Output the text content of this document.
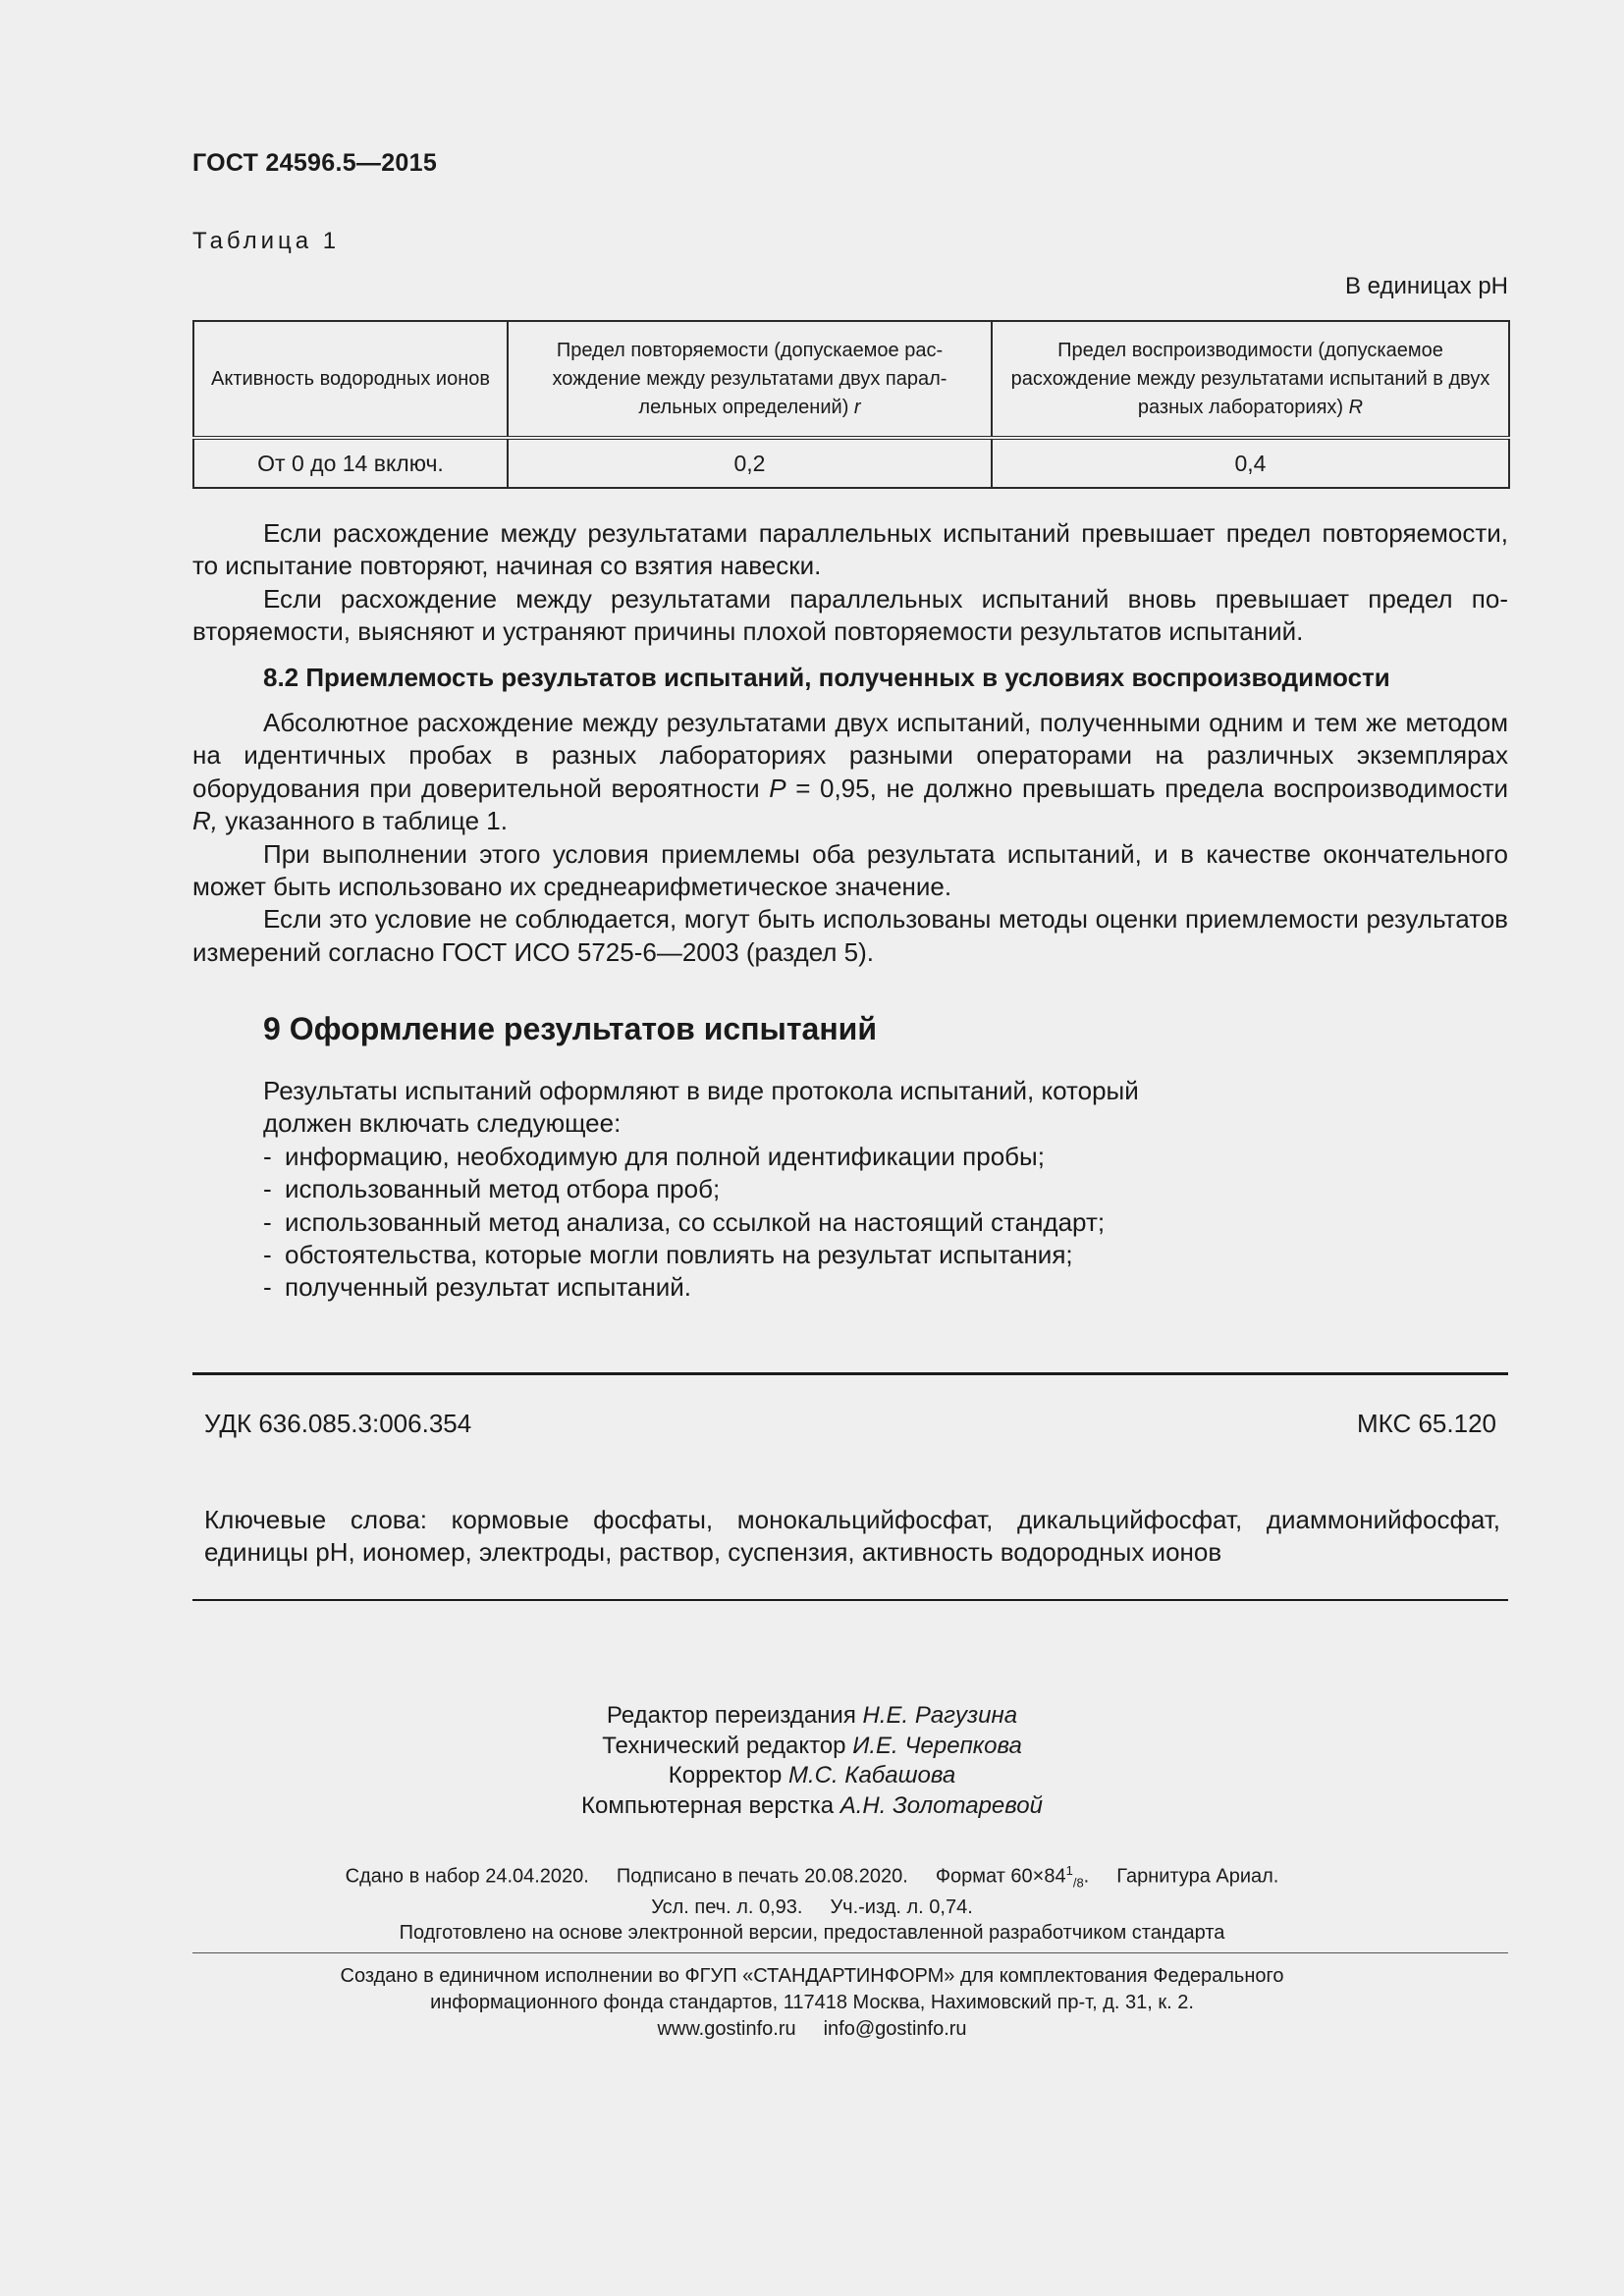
ГОСТ 24596.5—2015
Таблица 1
В единицах pH
Активность водородных ионов	Предел повторяемости (допускаемое расхождение между результатами двух параллельных определений) r	Предел воспроизводимости (допускаемое расхождение между результатами испытаний в двух разных лабораториях) R
От 0 до 14 включ.	0,2	0,4

Если расхождение между результатами параллельных испытаний превышает предел повторяемости, то испытание повторяют, начиная со взятия навески.

Если расхождение между результатами параллельных испытаний вновь превышает предел повторяемости, выясняют и устраняют причины плохой повторяемости результатов испытаний.

8.2 Приемлемость результатов испытаний, полученных в условиях воспроизводимости

Абсолютное расхождение между результатами двух испытаний, полученными одним и тем же методом на идентичных пробах в разных лабораториях разными операторами на различных экземплярах оборудования при доверительной вероятности P = 0,95, не должно превышать предела воспроизводимости R, указанного в таблице 1.

При выполнении этого условия приемлемы оба результата испытаний, и в качестве окончательного может быть использовано их среднеарифметическое значение.

Если это условие не соблюдается, могут быть использованы методы оценки приемлемости результатов измерений согласно ГОСТ ИСО 5725-6—2003 (раздел 5).

9 Оформление результатов испытаний
Результаты испытаний оформляют в виде протокола испытаний, который
должен включать следующее:
- информацию, необходимую для полной идентификации пробы;
- использованный метод отбора проб;
- использованный метод анализа, со ссылкой на настоящий стандарт;
- обстоятельства, которые могли повлиять на результат испытания;
- полученный результат испытаний.
УДК 636.085.3:006.354	МКС 65.120
Ключевые слова: кормовые фосфаты, монокальцийфосфат, дикальцийфосфат, диаммонийфосфат, единицы pH, иономер, электроды, раствор, суспензия, активность водородных ионов
Редактор переиздания Н.Е. Рагузина
Технический редактор И.Е. Черепкова
Корректор М.С. Кабашова
Компьютерная верстка А.Н. Золотаревой
Сдано в набор 24.04.2020. Подписано в печать 20.08.2020. Формат $60\times 84^1_{/8}$. Гарнитура Ариал.
Усл. печ. л. 0,93. Уч.-изд. л. 0,74.
Подготовлено на основе электронной версии, предоставленной разработчиком стандарта
Создано в единичном исполнении во ФГУП «СТАНДАРТИНФОРМ» для комплектования Федерального
информационного фонда стандартов, 117418 Москва, Нахимовский пр-т, д. 31, к. 2.
www.gostinfo.ru info@gostinfo.ru
